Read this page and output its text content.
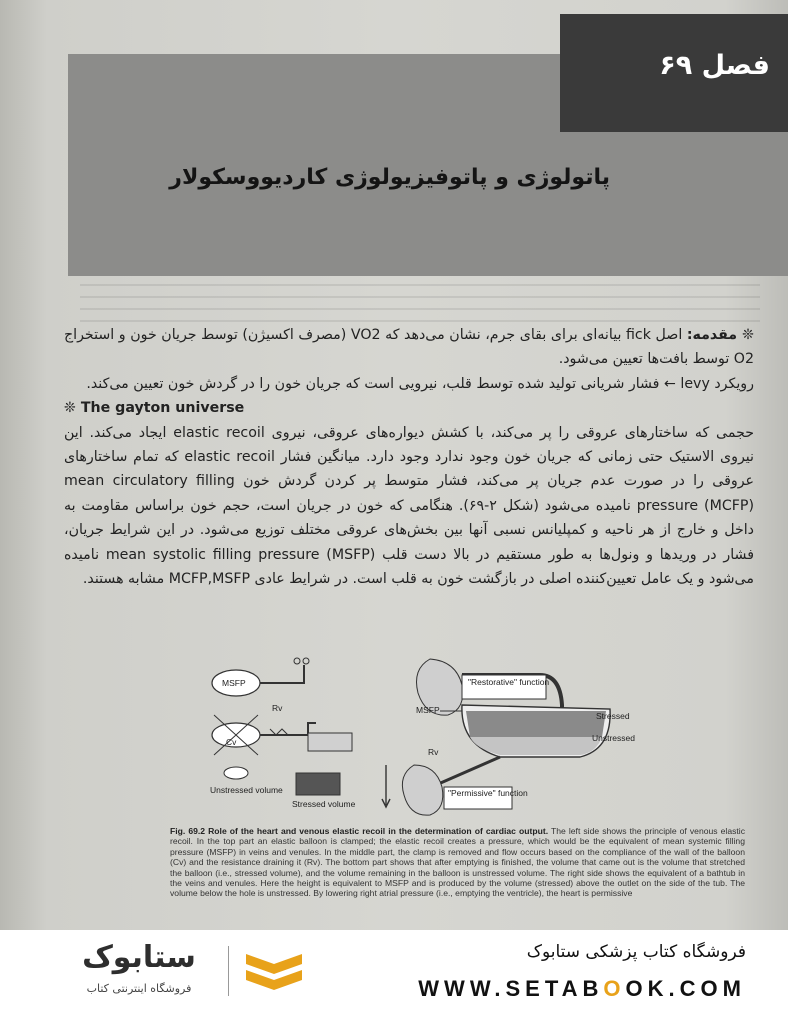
فصل ۶۹
پاتولوژی و پاتوفیزیولوژی کاردیووسکولار

❊ مقدمه: اصل fick بیانه‌ای برای بقای جرم، نشان می‌دهد که VO2 (مصرف اکسیژن) توسط جریان خون و استخراج O2 توسط بافت‌ها تعیین می‌شود.

رویکرد levy ← فشار شریانی تولید شده توسط قلب، نیرویی است که جریان خون را در گردش خون تعیین می‌کند.

❊ The gayton universe

حجمی که ساختارهای عروقی را پر می‌کند، با کشش دیواره‌های عروقی، نیروی elastic recoil ایجاد می‌کند. این نیروی الاستیک حتی زمانی که جریان خون وجود ندارد وجود دارد. میانگین فشار elastic recoil که تمام ساختارهای عروقی را در صورت عدم جریان پر می‌کند، فشار متوسط پر کردن گردش خون mean circulatory filling pressure (MCFP) نامیده می‌شود (شکل ۲-۶۹). هنگامی که خون در جریان است، حجم خون براساس مقاومت به داخل و خارج از هر ناحیه و کمپلیانس نسبی آنها بین بخش‌های عروقی مختلف توزیع می‌شود. در این شرایط جریان، فشار در وریدها و ونول‌ها به طور مستقیم در بالا دست قلب mean systolic filling pressure (MSFP) نامیده می‌شود و یک عامل تعیین‌کننده اصلی در بازگشت خون به قلب است. در شرایط عادی MCFP,MSFP مشابه هستند.

MSFP
Cv
Rv
Unstressed volume
Stressed volume
"Restorative" function
MSFP
Stressed
Unstressed
Rv
"Permissive" function
Fig. 69.2 Role of the heart and venous elastic recoil in the determination of cardiac output. The left side shows the principle of venous elastic recoil. In the top part an elastic balloon is clamped; the elastic recoil creates a pressure, which would be the equivalent of mean systemic filling pressure (MSFP) in veins and venules. In the middle part, the clamp is removed and flow occurs based on the compliance of the wall of the balloon (Cv) and the resistance draining it (Rv). The bottom part shows that after emptying is finished, the volume that came out is the volume that stretched the balloon (i.e., stressed volume), and the volume remaining in the balloon is unstressed volume. The right side shows the equivalent of a bathtub in the veins and venules. Here the height is equivalent to MSFP and is produced by the volume (stressed) above the outlet on the side of the tub. The volume below the hole is unstressed. By lowering right atrial pressure (i.e., emptying the ventricle), the heart is permissive
ستابوک
فروشگاه اینترنتی کتاب
فروشگاه کتاب پزشکی ستابوک
WWW.SETABOOK.COM
